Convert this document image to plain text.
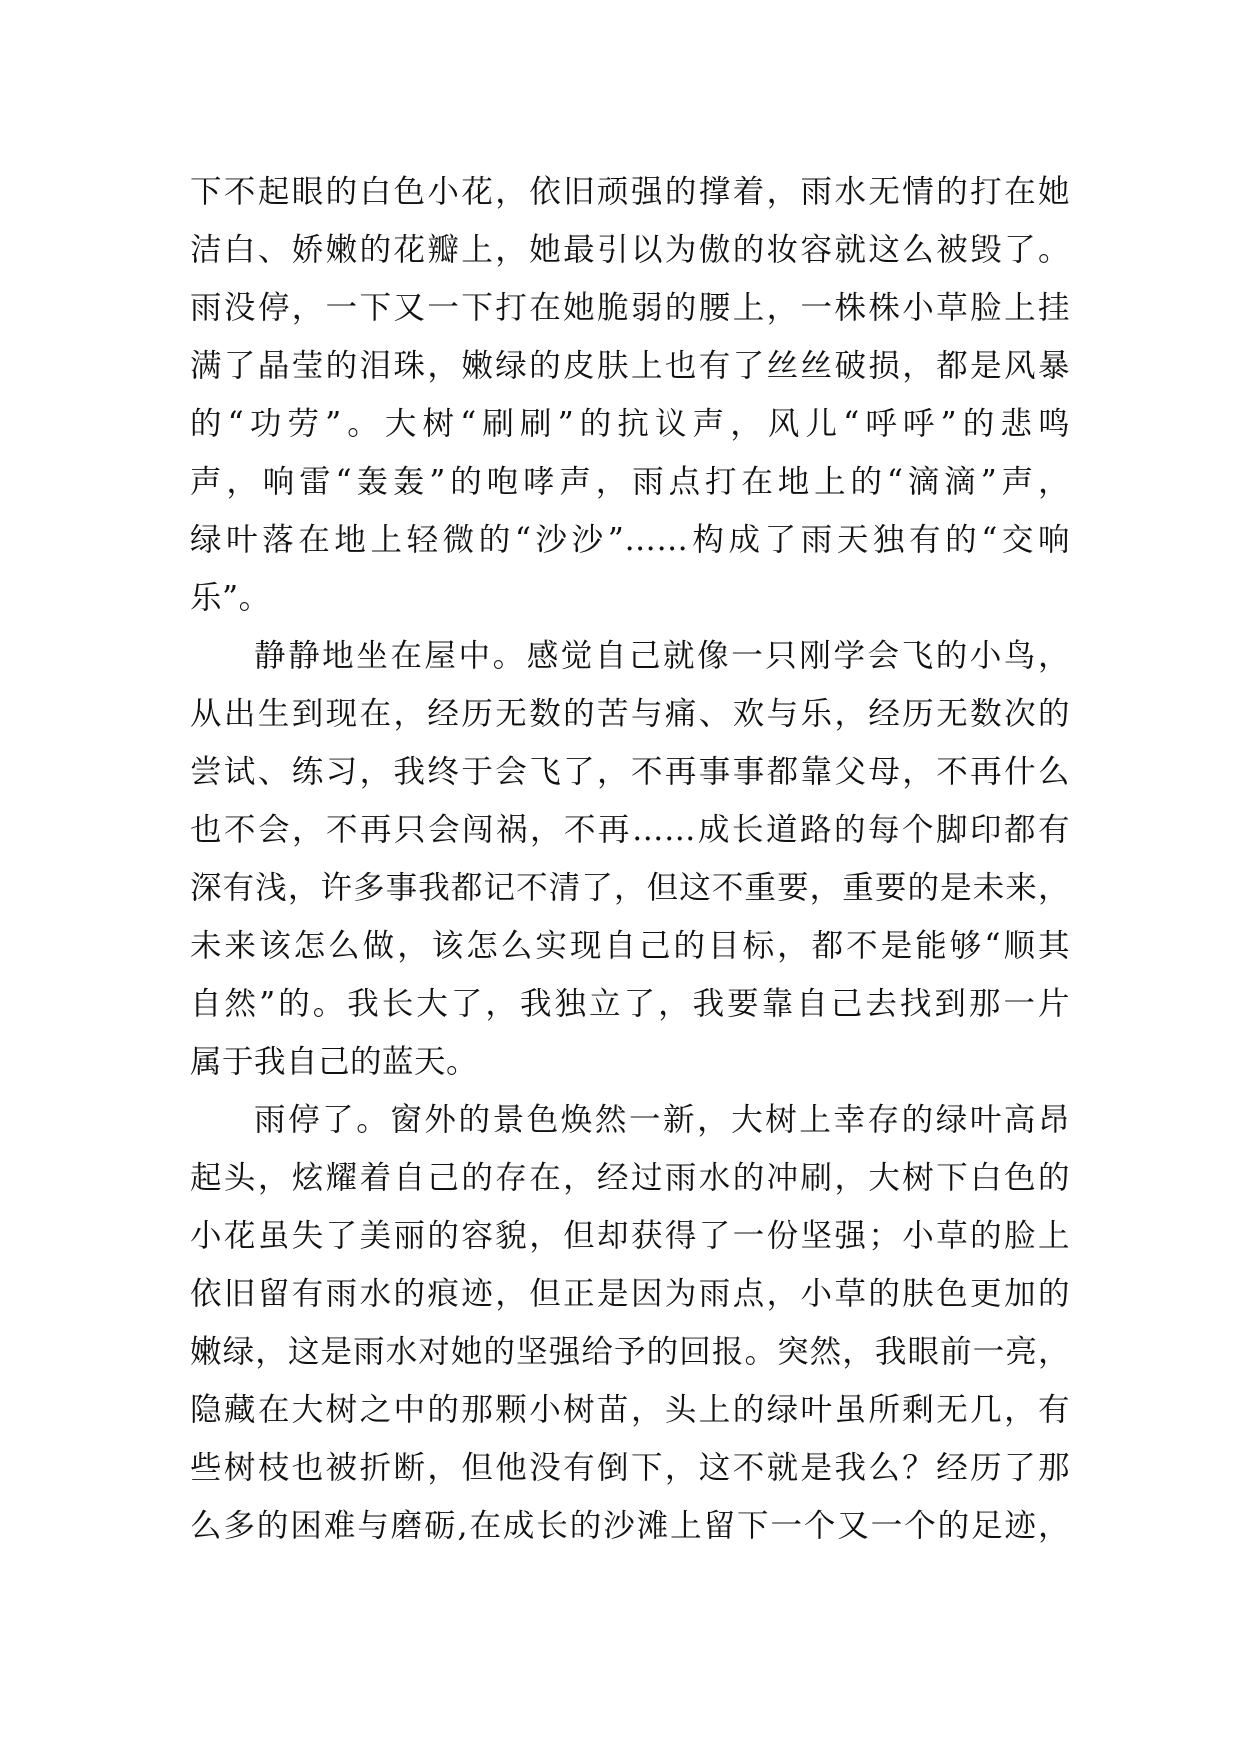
下不起眼的白色小花，依旧顽强的撑着，雨水无情的打在她
洁白、娇嫩的花瓣上，她最引以为傲的妆容就这么被毁了。
雨没停，一下又一下打在她脆弱的腰上，一株株小草脸上挂
满了晶莹的泪珠，嫩绿的皮肤上也有了丝丝破损，都是风暴
的“功劳”。大树“刷刷”的抗议声，风儿“呼呼”的悲鸣
声，响雷“轰轰”的咆哮声，雨点打在地上的“滴滴”声，
绿叶落在地上轻微的“沙沙”……构成了雨天独有的“交响
乐”。
静静地坐在屋中。感觉自己就像一只刚学会飞的小鸟，
从出生到现在，经历无数的苦与痛、欢与乐，经历无数次的
尝试、练习，我终于会飞了，不再事事都靠父母，不再什么
也不会，不再只会闯祸，不再……成长道路的每个脚印都有
深有浅，许多事我都记不清了，但这不重要，重要的是未来，
未来该怎么做，该怎么实现自己的目标，都不是能够“顺其
自然”的。我长大了，我独立了，我要靠自己去找到那一片
属于我自己的蓝天。
雨停了。窗外的景色焕然一新，大树上幸存的绿叶高昂
起头，炫耀着自己的存在，经过雨水的冲刷，大树下白色的
小花虽失了美丽的容貌，但却获得了一份坚强；小草的脸上
依旧留有雨水的痕迹，但正是因为雨点，小草的肤色更加的
嫩绿，这是雨水对她的坚强给予的回报。突然，我眼前一亮，
隐藏在大树之中的那颗小树苗，头上的绿叶虽所剩无几，有
些树枝也被折断，但他没有倒下，这不就是我么？经历了那
么多的困难与磨砺,在成长的沙滩上留下一个又一个的足迹，
